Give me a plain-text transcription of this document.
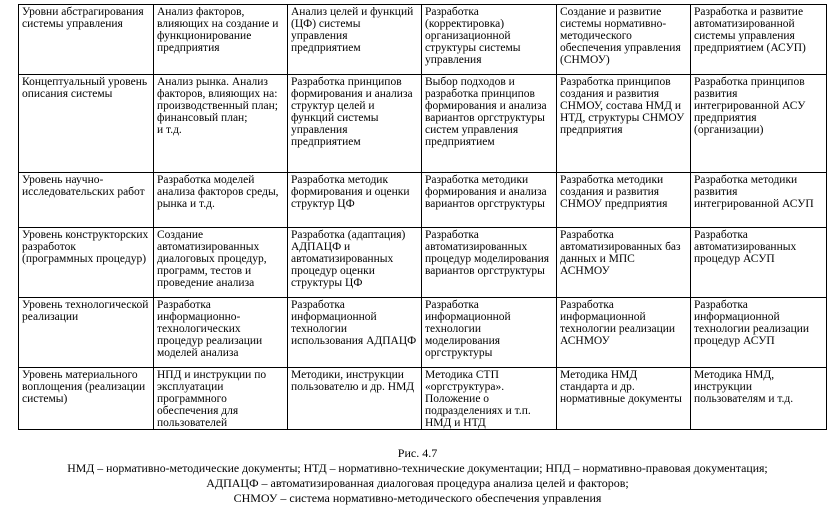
Уровни абстрагирования системы управления	Анализ факторов, влияющих на создание и функционирование предприятия	Анализ целей и функций (ЦФ) системы управления предприятием	Разработка (корректировка) организационной структуры системы управления	Создание и развитие системы нормативно-методического обеспечения управления (СНМОУ)	Разработка и развитие автоматизированной системы управления предприятием (АСУП)
Концептуальный уровень описания системы	Анализ рынка. Анализ факторов, влияющих на:
производственный план;
финансовый план;
и т.д.	Разработка принципов формирования и анализа структур целей и функций системы управления предприятием	Выбор подходов и разработка принципов формирования и анализа вариантов оргструктуры систем управления предприятием	Разработка принципов создания и развития СНМОУ, состава НМД и НТД, структуры СНМОУ предприятия	Разработка принципов развития интегрированной АСУ предприятия (организации)
Уровень научно-исследовательских работ	Разработка моделей анализа факторов среды, рынка и т.д.	Разработка методик формирования и оценки структур ЦФ	Разработка методики формирования и анализа вариантов оргструктуры	Разработка методики создания и развития СНМОУ предприятия	Разработка методики развития интегрированной АСУП
Уровень конструкторских разработок (программных процедур)	Создание автоматизированных диалоговых процедур, программ, тестов и проведение анализа	Разработка (адаптация) АДПАЦФ и автоматизированных процедур оценки структуры ЦФ	Разработка автоматизированных процедур моделирования вариантов оргструктуры	Разработка автоматизированных баз данных и МПС АСНМОУ	Разработка автоматизированных процедур АСУП
Уровень технологической реализации	Разработка информационно-технологических процедур реализации моделей анализа	Разработка информационной технологии использования АДПАЦФ	Разработка информационной технологии моделирования оргструктуры	Разработка информационной технологии реализации АСНМОУ	Разработка информационной технологии реализации процедур АСУП
Уровень материального воплощения (реализации системы)	НПД и инструкции по эксплуатации программного обеспечения для пользователей	Методики, инструкции пользователю и др. НМД	Методика СТП «оргструктура». Положение о подразделениях и т.п. НМД и НТД	Методика НМД стандарта и др. нормативные документы	Методика НМД, инструкции пользователям и т.д.
Рис. 4.7
НМД – нормативно-методические документы; НТД – нормативно-технические документации; НПД – нормативно-правовая документация;
АДПАЦФ – автоматизированная диалоговая процедура анализа целей и факторов;
СНМОУ – система нормативно-методического обеспечения управления
